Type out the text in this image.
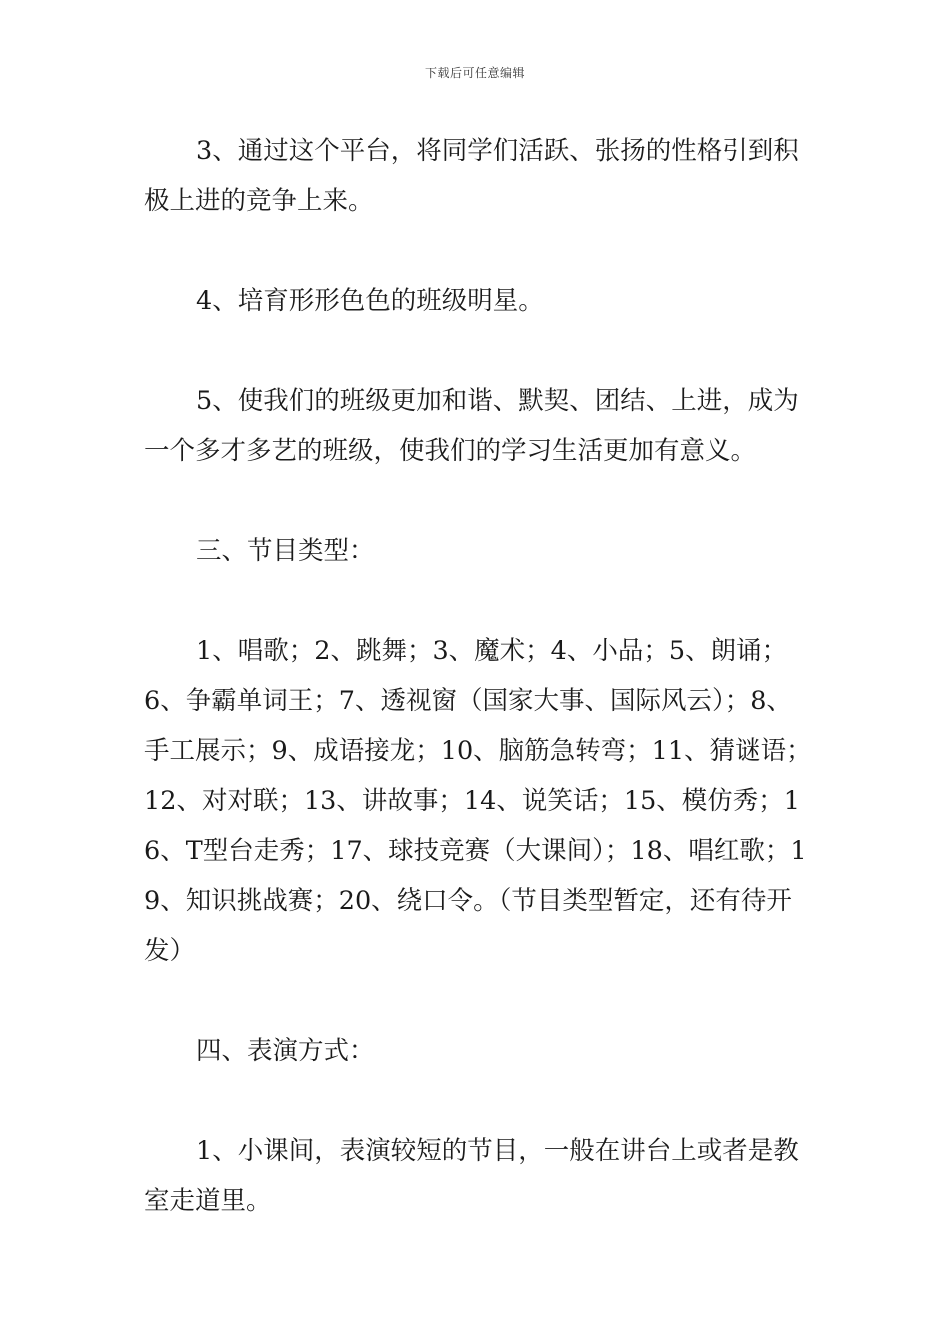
下载后可任意编辑

3、通过这个平台，将同学们活跃、张扬的性格引到积极上进的竞争上来。

4、培育形形色色的班级明星。

5、使我们的班级更加和谐、默契、团结、上进，成为一个多才多艺的班级，使我们的学习生活更加有意义。

三、节目类型：

1、唱歌；2、跳舞；3、魔术；4、小品；5、朗诵；6、争霸单词王；7、透视窗（国家大事、国际风云）；8、手工展示；9、成语接龙；10、脑筋急转弯；11、猜谜语；12、对对联；13、讲故事；14、说笑话；15、模仿秀；16、T型台走秀；17、球技竞赛（大课间）；18、唱红歌；19、知识挑战赛；20、绕口令。（节目类型暂定，还有待开发）

四、表演方式：

1、小课间，表演较短的节目，一般在讲台上或者是教室走道里。
